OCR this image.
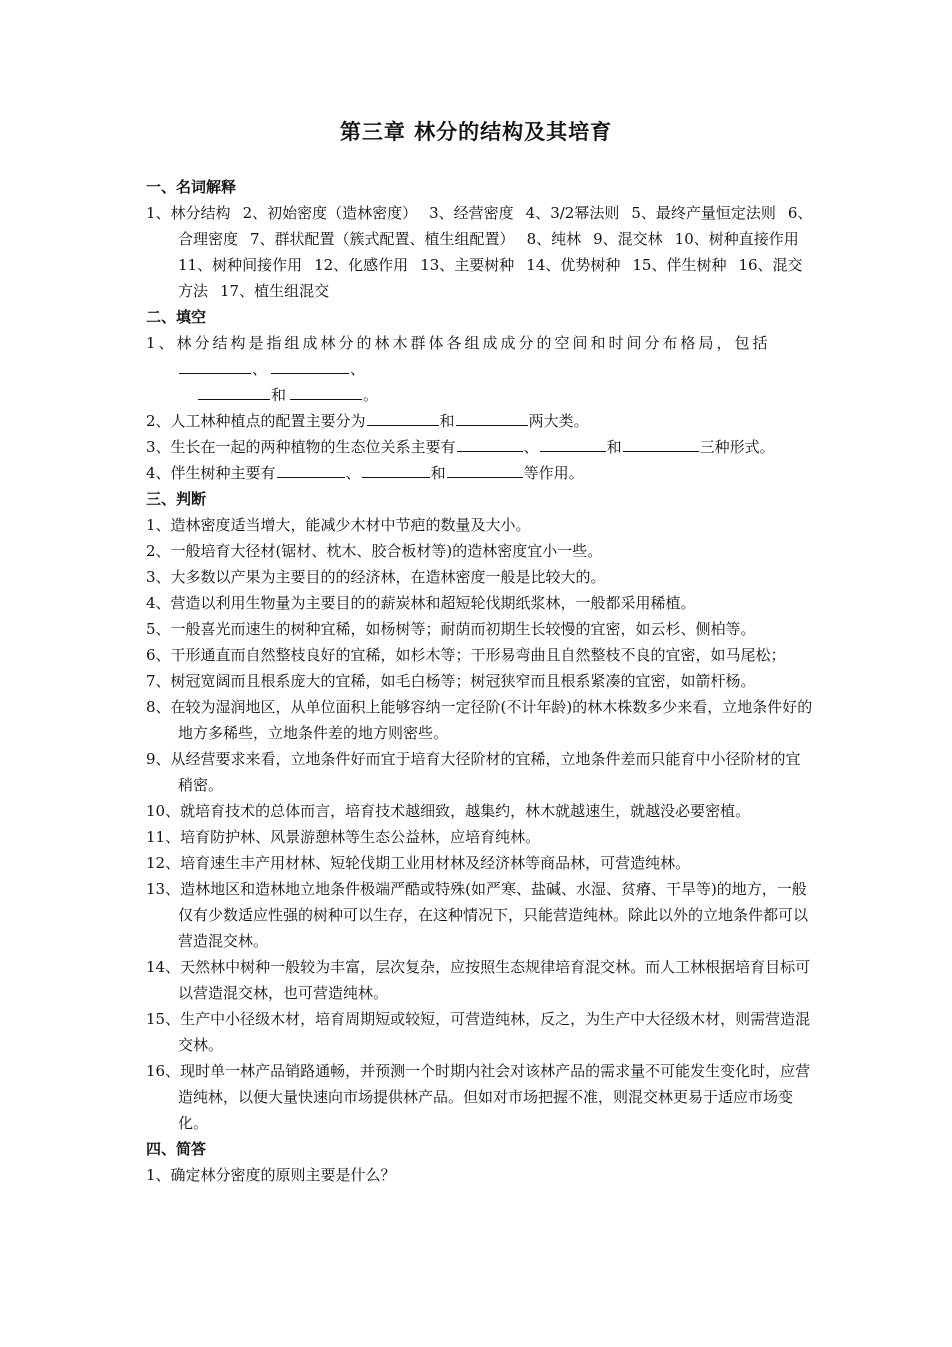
第三章 林分的结构及其培育
一、名词解释
1、林分结构 2、初始密度（造林密度） 3、经营密度 4、3/2幂法则 5、最终产量恒定法则 6、合理密度 7、群状配置（簇式配置、植生组配置） 8、纯林 9、混交林 10、树种直接作用11、树种间接作用 12、化感作用 13、主要树种 14、优势树种 15、伴生树种 16、混交方法 17、植生组混交
二、填空
1、林分结构是指组成林分的林木群体各组成成分的空间和时间分布格局，包括、	、
和	。
2、人工林种植点的配置主要分为	和	两大类。
3、生长在一起的两种植物的生态位关系主要有	、	和	三种形式。
4、伴生树种主要有	、	和	等作用。
三、判断
1、造林密度适当增大，能减少木材中节疤的数量及大小。
2、一般培育大径材(锯材、枕木、胶合板材等)的造林密度宜小一些。
3、大多数以产果为主要目的的经济林，在造林密度一般是比较大的。
4、营造以利用生物量为主要目的的薪炭林和超短轮伐期纸浆林，一般都采用稀植。
5、一般喜光而速生的树种宜稀，如杨树等；耐荫而初期生长较慢的宜密，如云杉、侧柏等。
6、干形通直而自然整枝良好的宜稀，如杉木等；干形易弯曲且自然整枝不良的宜密，如马尾松；
7、树冠宽阔而且根系庞大的宜稀，如毛白杨等；树冠狭窄而且根系紧凑的宜密，如箭杆杨。
8、在较为湿润地区，从单位面积上能够容纳一定径阶(不计年龄)的林木株数多少来看，立地条件好的地方多稀些，立地条件差的地方则密些。
9、从经营要求来看，立地条件好而宜于培育大径阶材的宜稀，立地条件差而只能育中小径阶材的宜稍密。
10、就培育技术的总体而言，培育技术越细致，越集约，林木就越速生，就越没必要密植。
11、培育防护林、风景游憩林等生态公益林，应培育纯林。
12、培育速生丰产用材林、短轮伐期工业用材林及经济林等商品林，可营造纯林。
13、造林地区和造林地立地条件极端严酷或特殊(如严寒、盐碱、水湿、贫瘠、干旱等)的地方，一般仅有少数适应性强的树种可以生存，在这种情况下，只能营造纯林。除此以外的立地条件都可以营造混交林。
14、天然林中树种一般较为丰富，层次复杂，应按照生态规律培育混交林。而人工林根据培育目标可以营造混交林，也可营造纯林。
15、生产中小径级木材，培育周期短或较短，可营造纯林，反之，为生产中大径级木材，则需营造混交林。
16、现时单一林产品销路通畅，并预测一个时期内社会对该林产品的需求量不可能发生变化时，应营造纯林，以便大量快速向市场提供林产品。但如对市场把握不准，则混交林更易于适应市场变化。
四、简答
1、确定林分密度的原则主要是什么？
